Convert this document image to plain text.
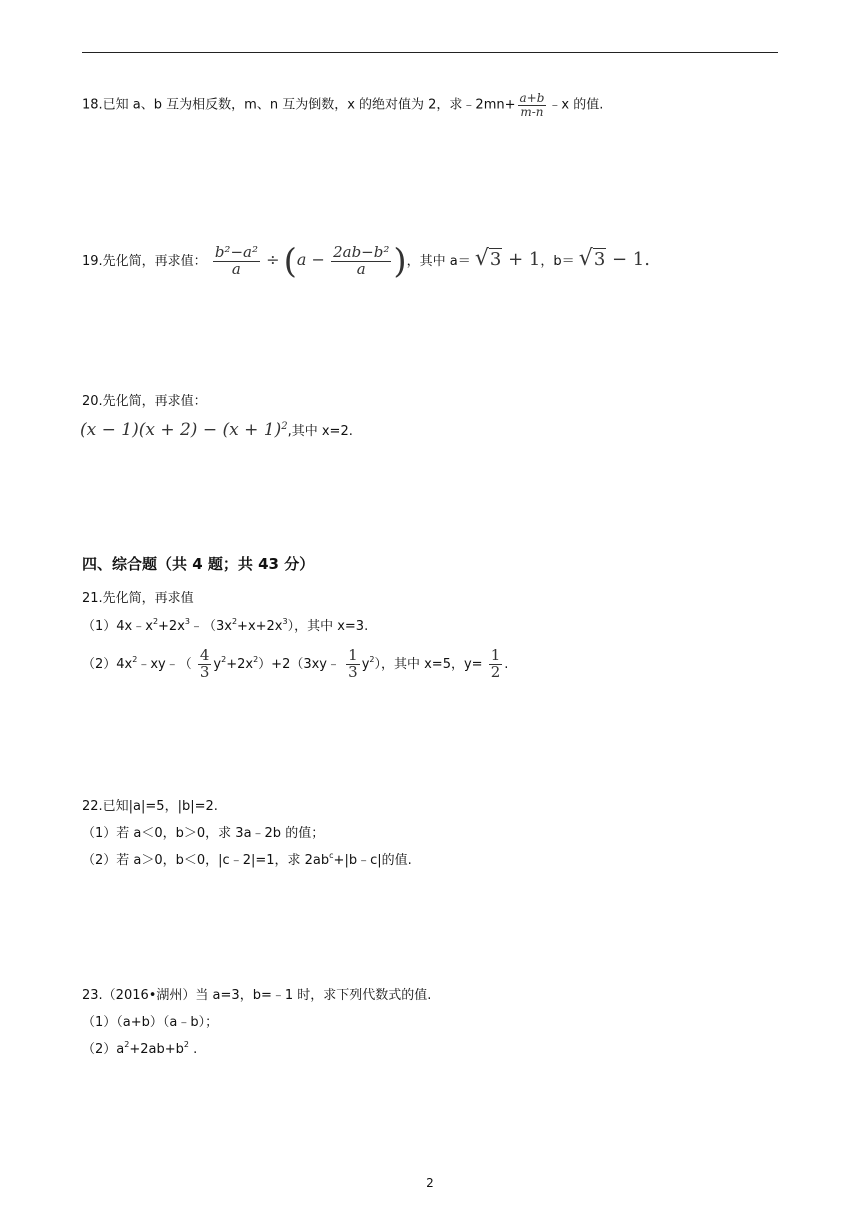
18.已知 a、b 互为相反数，m、n 互为倒数，x 的绝对值为 2，求﹣2mn+ $\frac{a+b}{m-n}$ ﹣x 的值.
19.先化简，再求值： $\frac{\text{b²−a²}}{a} \div (a - \frac{\text{2ab−b²}}{a}$ )，其中 a＝ √3 + 1，b＝ √3 − 1.
20.先化简，再求值：
$(x - 1)(x + 2) - (x + 1)^2$,其中 x=2.
四、综合题（共 4 题；共 43 分）
21.先化简，再求值
$(1)4x﹣x^2+2x^3﹣(3x^2+x+2x^3)$，其中 x=3.
$(2)4x^2﹣xy﹣( \frac{4}{3}$ $y^2+2x^2)+2(3xy﹣ \frac{1}{3} y^2)$，其中 x=5，$y= \frac{1}{2}$ .
22.已知|a|=5，|b|=2.
（1）若 a＜0，b＞0，求 3a﹣2b 的值；
（2）若 a＞0，b＜0，|c﹣2|=1，求 $2ab^c+|b﹣c|$的值.
23.（2016•湖州）当 a=3，b=﹣1 时，求下列代数式的值.
（1）（a+b）（a﹣b）；
$(2)a^2+2ab+b^2$ .
2
